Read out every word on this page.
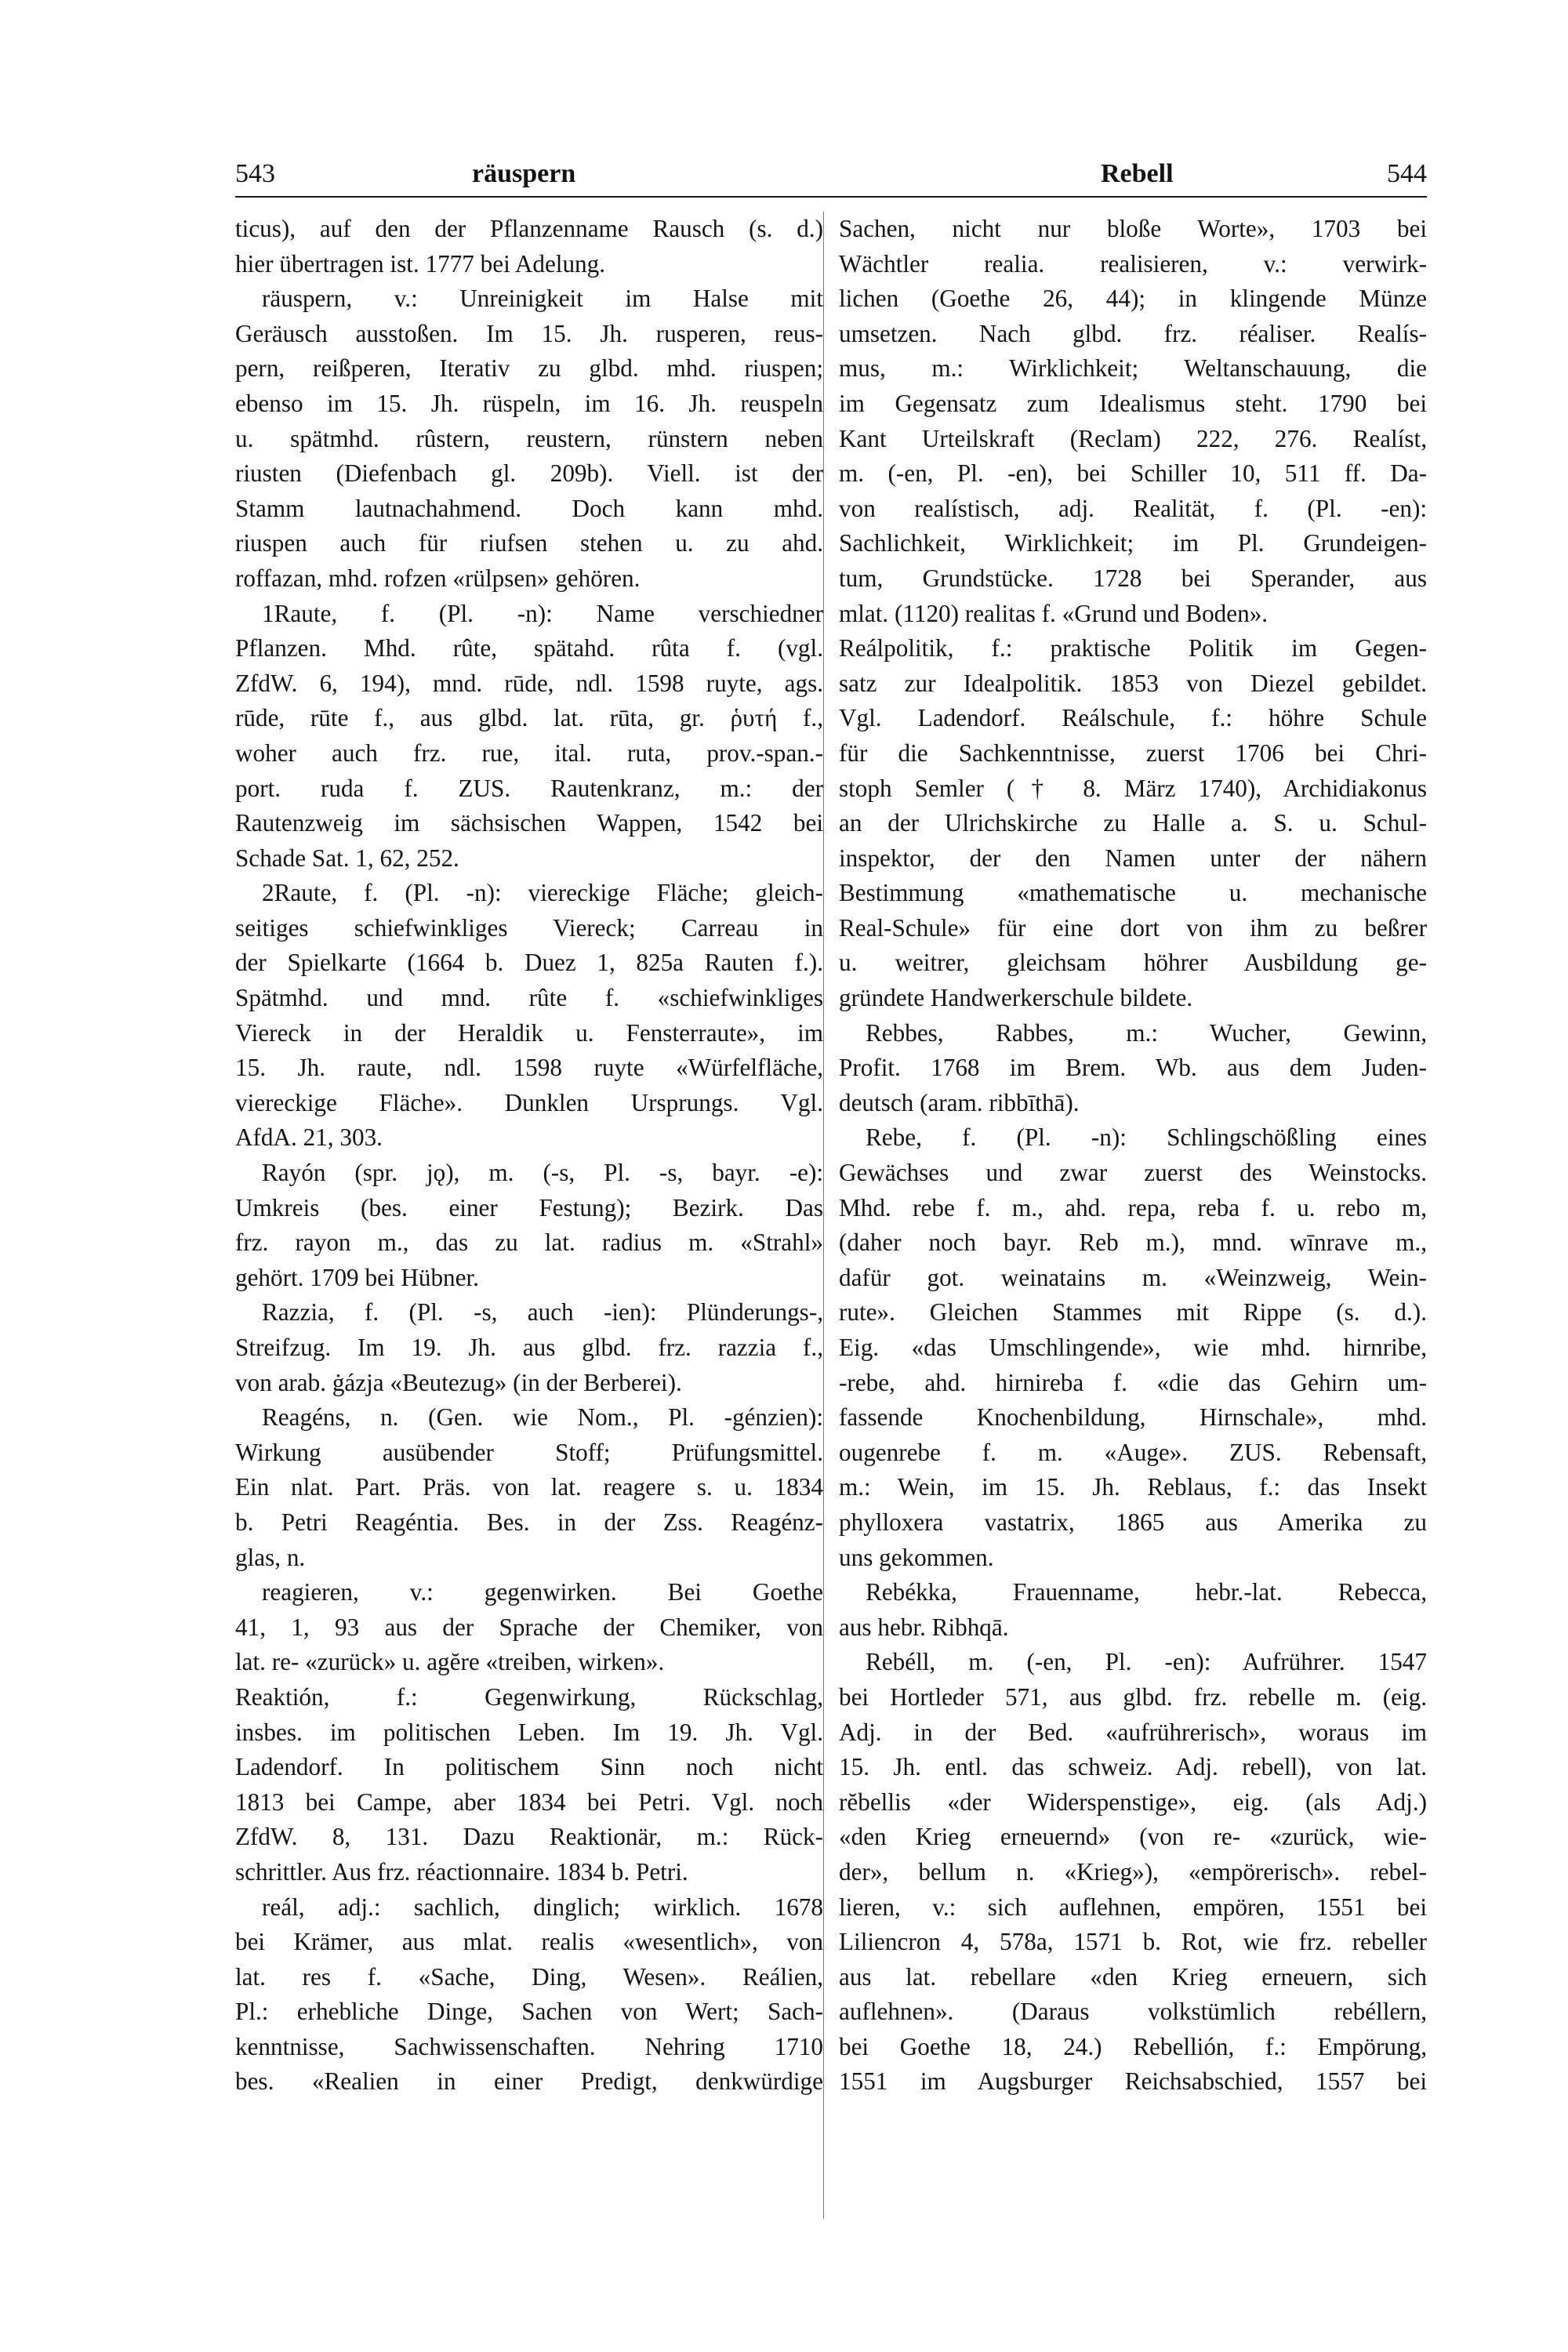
543	räuspern	Rebell	544
ticus), auf den der Pflanzenname Rausch (s. d.)
hier übertragen ist. 1777 bei Adelung.
räuspern, v.: Unreinigkeit im Halse mit
Geräusch ausstoßen. Im 15. Jh. rusperen, reus-
pern, reißperen, Iterativ zu glbd. mhd. riuspen;
ebenso im 15. Jh. rüspeln, im 16. Jh. reuspeln
u. spätmhd. rûstern, reustern, rünstern neben
riusten (Diefenbach gl. 209b). Viell. ist der
Stamm lautnachahmend. Doch kann mhd.
riuspen auch für riufsen stehen u. zu ahd.
roffazan, mhd. rofzen «rülpsen» gehören.
1Raute, f. (Pl. -n): Name verschiedner
Pflanzen. Mhd. rûte, spätahd. rûta f. (vgl.
ZfdW. 6, 194), mnd. rūde, ndl. 1598 ruyte, ags.
rūde, rūte f., aus glbd. lat. rūta, gr. ῥυτή f.,
woher auch frz. rue, ital. ruta, prov.-span.-
port. ruda f. ZUS. Rautenkranz, m.: der
Rautenzweig im sächsischen Wappen, 1542 bei
Schade Sat. 1, 62, 252.
2Raute, f. (Pl. -n): viereckige Fläche; gleich-
seitiges schiefwinkliges Viereck; Carreau in
der Spielkarte (1664 b. Duez 1, 825a Rauten f.).
Spätmhd. und mnd. rûte f. «schiefwinkliges
Viereck in der Heraldik u. Fensterraute», im
15. Jh. raute, ndl. 1598 ruyte «Würfelfläche,
viereckige Fläche». Dunklen Ursprungs. Vgl.
AfdA. 21, 303.
Rayón (spr. jǫ), m. (-s, Pl. -s, bayr. -e):
Umkreis (bes. einer Festung); Bezirk. Das
frz. rayon m., das zu lat. radius m. «Strahl»
gehört. 1709 bei Hübner.
Razzia, f. (Pl. -s, auch -ien): Plünderungs-,
Streifzug. Im 19. Jh. aus glbd. frz. razzia f.,
von arab. ġázja «Beutezug» (in der Berberei).
Reagéns, n. (Gen. wie Nom., Pl. -génzien):
Wirkung ausübender Stoff; Prüfungsmittel.
Ein nlat. Part. Präs. von lat. reagere s. u. 1834
b. Petri Reagéntia. Bes. in der Zss. Reagénz-
glas, n.
reagieren, v.: gegenwirken. Bei Goethe
41, 1, 93 aus der Sprache der Chemiker, von
lat. re- «zurück» u. agĕre «treiben, wirken».
Reaktión, f.: Gegenwirkung, Rückschlag,
insbes. im politischen Leben. Im 19. Jh. Vgl.
Ladendorf. In politischem Sinn noch nicht
1813 bei Campe, aber 1834 bei Petri. Vgl. noch
ZfdW. 8, 131. Dazu Reaktionär, m.: Rück-
schrittler. Aus frz. réactionnaire. 1834 b. Petri.
reál, adj.: sachlich, dinglich; wirklich. 1678
bei Krämer, aus mlat. realis «wesentlich», von
lat. res f. «Sache, Ding, Wesen». Reálien,
Pl.: erhebliche Dinge, Sachen von Wert; Sach-
kenntnisse, Sachwissenschaften. Nehring 1710
bes. «Realien in einer Predigt, denkwürdige
Sachen, nicht nur bloße Worte», 1703 bei
Wächtler realia. realisieren, v.: verwirk-
lichen (Goethe 26, 44); in klingende Münze
umsetzen. Nach glbd. frz. réaliser. Realís-
mus, m.: Wirklichkeit; Weltanschauung, die
im Gegensatz zum Idealismus steht. 1790 bei
Kant Urteilskraft (Reclam) 222, 276. Realíst,
m. (-en, Pl. -en), bei Schiller 10, 511 ff. Da-
von realístisch, adj. Realität, f. (Pl. -en):
Sachlichkeit, Wirklichkeit; im Pl. Grundeigen-
tum, Grundstücke. 1728 bei Sperander, aus
mlat. (1120) realitas f. «Grund und Boden».
Reálpolitik, f.: praktische Politik im Gegen-
satz zur Idealpolitik. 1853 von Diezel gebildet.
Vgl. Ladendorf. Reálschule, f.: höhre Schule
für die Sachkenntnisse, zuerst 1706 bei Chri-
stoph Semler († 8. März 1740), Archidiakonus
an der Ulrichskirche zu Halle a. S. u. Schul-
inspektor, der den Namen unter der nähern
Bestimmung «mathematische u. mechanische
Real-Schule» für eine dort von ihm zu beßrer
u. weitrer, gleichsam höhrer Ausbildung ge-
gründete Handwerkerschule bildete.
Rebbes, Rabbes, m.: Wucher, Gewinn,
Profit. 1768 im Brem. Wb. aus dem Juden-
deutsch (aram. ribbīthā).
Rebe, f. (Pl. -n): Schlingschößling eines
Gewächses und zwar zuerst des Weinstocks.
Mhd. rebe f. m., ahd. repa, reba f. u. rebo m,
(daher noch bayr. Reb m.), mnd. wīnrave m.,
dafür got. weinatains m. «Weinzweig, Wein-
rute». Gleichen Stammes mit Rippe (s. d.).
Eig. «das Umschlingende», wie mhd. hirnribe,
-rebe, ahd. hirnireba f. «die das Gehirn um-
fassende Knochenbildung, Hirnschale», mhd.
ougenrebe f. m. «Auge». ZUS. Rebensaft,
m.: Wein, im 15. Jh. Reblaus, f.: das Insekt
phylloxera vastatrix, 1865 aus Amerika zu
uns gekommen.
Rebékka, Frauenname, hebr.-lat. Rebecca,
aus hebr. Ribhqā.
Rebéll, m. (-en, Pl. -en): Aufrührer. 1547
bei Hortleder 571, aus glbd. frz. rebelle m. (eig.
Adj. in der Bed. «aufrührerisch», woraus im
15. Jh. entl. das schweiz. Adj. rebell), von lat.
rĕbellis «der Widerspenstige», eig. (als Adj.)
«den Krieg erneuernd» (von re- «zurück, wie-
der», bellum n. «Krieg»), «empörerisch». rebel-
lieren, v.: sich auflehnen, empören, 1551 bei
Liliencron 4, 578a, 1571 b. Rot, wie frz. rebeller
aus lat. rebellare «den Krieg erneuern, sich
auflehnen». (Daraus volkstümlich rebéllern,
bei Goethe 18, 24.) Rebellión, f.: Empörung,
1551 im Augsburger Reichsabschied, 1557 bei
